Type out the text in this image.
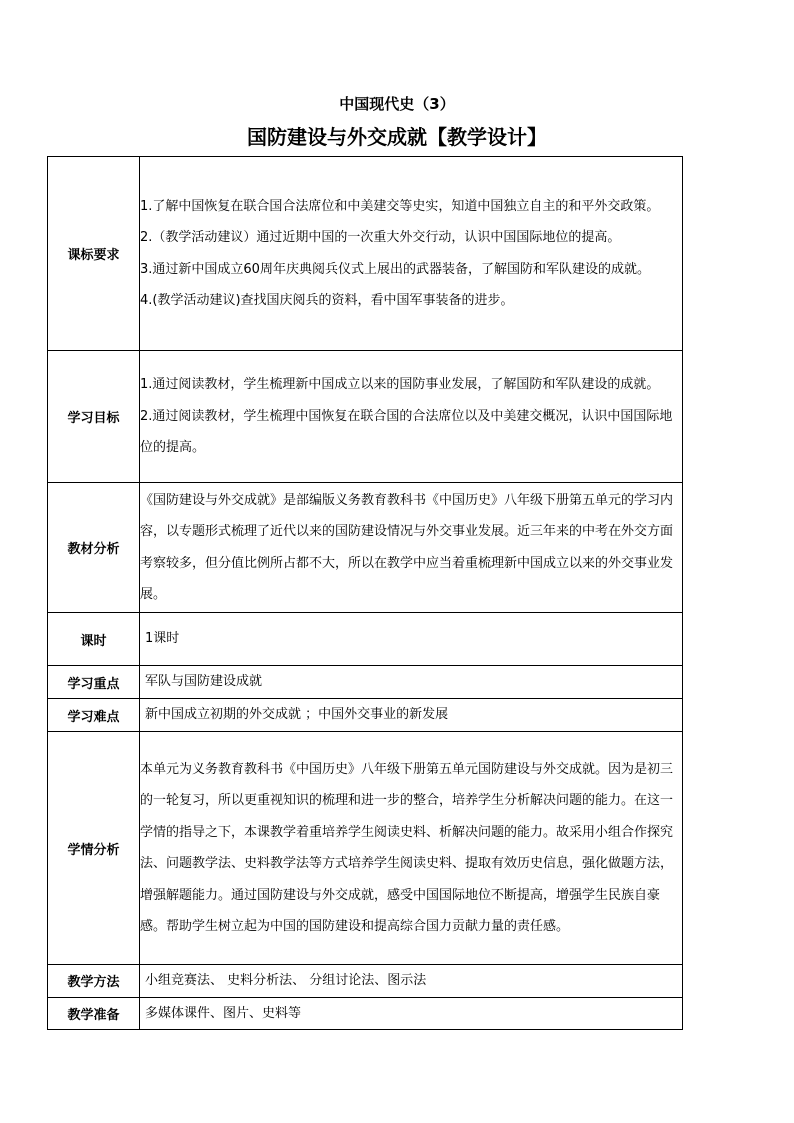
中国现代史（3）
国防建设与外交成就【教学设计】
课标要求	1.了解中国恢复在联合国合法席位和中美建交等史实，知道中国独立自主的和平外交政策。

2.（教学活动建议）通过近期中国的一次重大外交行动，认识中国国际地位的提高。

3.通过新中国成立60周年庆典阅兵仪式上展出的武器装备，了解国防和军队建设的成就。

4.(教学活动建议)查找国庆阅兵的资料，看中国军事装备的进步。

学习目标	1.通过阅读教材，学生梳理新中国成立以来的国防事业发展，了解国防和军队建设的成就。

2.通过阅读教材，学生梳理中国恢复在联合国的合法席位以及中美建交概况，认识中国国际地位的提高。

教材分析	《国防建设与外交成就》是部编版义务教育教科书《中国历史》八年级下册第五单元的学习内容，以专题形式梳理了近代以来的国防建设情况与外交事业发展。近三年来的中考在外交方面考察较多，但分值比例所占都不大，所以在教学中应当着重梳理新中国成立以来的外交事业发展。

课时	1课时

学习重点	军队与国防建设成就

学习难点	新中国成立初期的外交成就 ；中国外交事业的新发展

学情分析	本单元为义务教育教科书《中国历史》八年级下册第五单元国防建设与外交成就。因为是初三的一轮复习，所以更重视知识的梳理和进一步的整合，培养学生分析解决问题的能力。在这一学情的指导之下，本课教学着重培养学生阅读史料、析解决问题的能力。故采用小组合作探究法、问题教学法、史料教学法等方式培养学生阅读史料、提取有效历史信息，强化做题方法，增强解题能力。通过国防建设与外交成就，感受中国国际地位不断提高，增强学生民族自豪感。帮助学生树立起为中国的国防建设和提高综合国力贡献力量的责任感。

教学方法	小组竞赛法、 史料分析法、 分组讨论法、图示法

教学准备	多媒体课件、图片、史料等
